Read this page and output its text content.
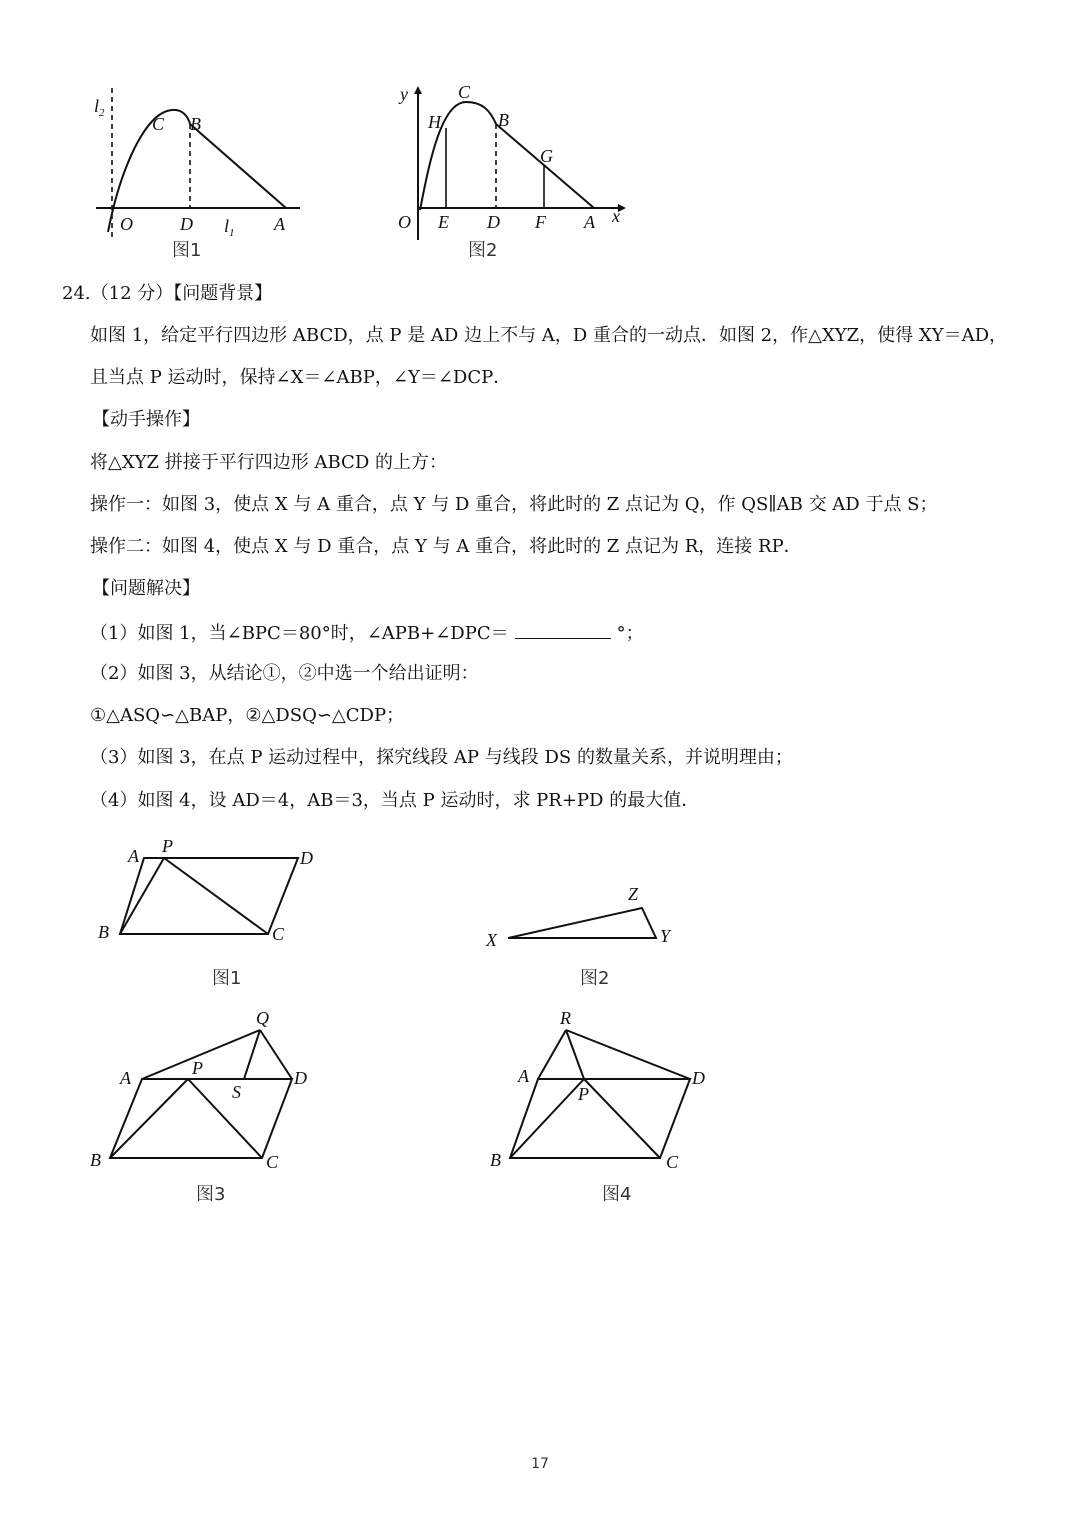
$l_2$
C B
O	D $l_1$ A
图1
y	C
H	B
G
O E D F A x
图2
24.（12 分）【问题背景】
如图 1，给定平行四边形 ABCD，点 P 是 AD 边上不与 A，D 重合的一动点．如图 2，作△XYZ，使得 XY＝AD，
且当点 P 运动时，保持∠X＝∠ABP，∠Y＝∠DCP．
【动手操作】
将△XYZ 拼接于平行四边形 ABCD 的上方：
操作一：如图 3，使点 X 与 A 重合，点 Y 与 D 重合，将此时的 Z 点记为 Q，作 QS∥AB 交 AD 于点 S；
操作二：如图 4，使点 X 与 D 重合，点 Y 与 A 重合，将此时的 Z 点记为 R，连接 RP．
【问题解决】
（1）如图 1，当∠BPC＝80°时，∠APB+∠DPC＝	°；
（2）如图 3，从结论①，②中选一个给出证明：
①△ASQ∽△BAP，②△DSQ∽△CDP；
（3）如图 3，在点 P 运动过程中，探究线段 AP 与线段 DS 的数量关系，并说明理由；
（4）如图 4，设 AD＝4，AB＝3，当点 P 运动时，求 PR+PD 的最大值．
A P
D
B	C
图1
Z
X	Y
图2
Q
A	P
S
D
B	C
图3
R
A
P
D
B	C
图4
17
